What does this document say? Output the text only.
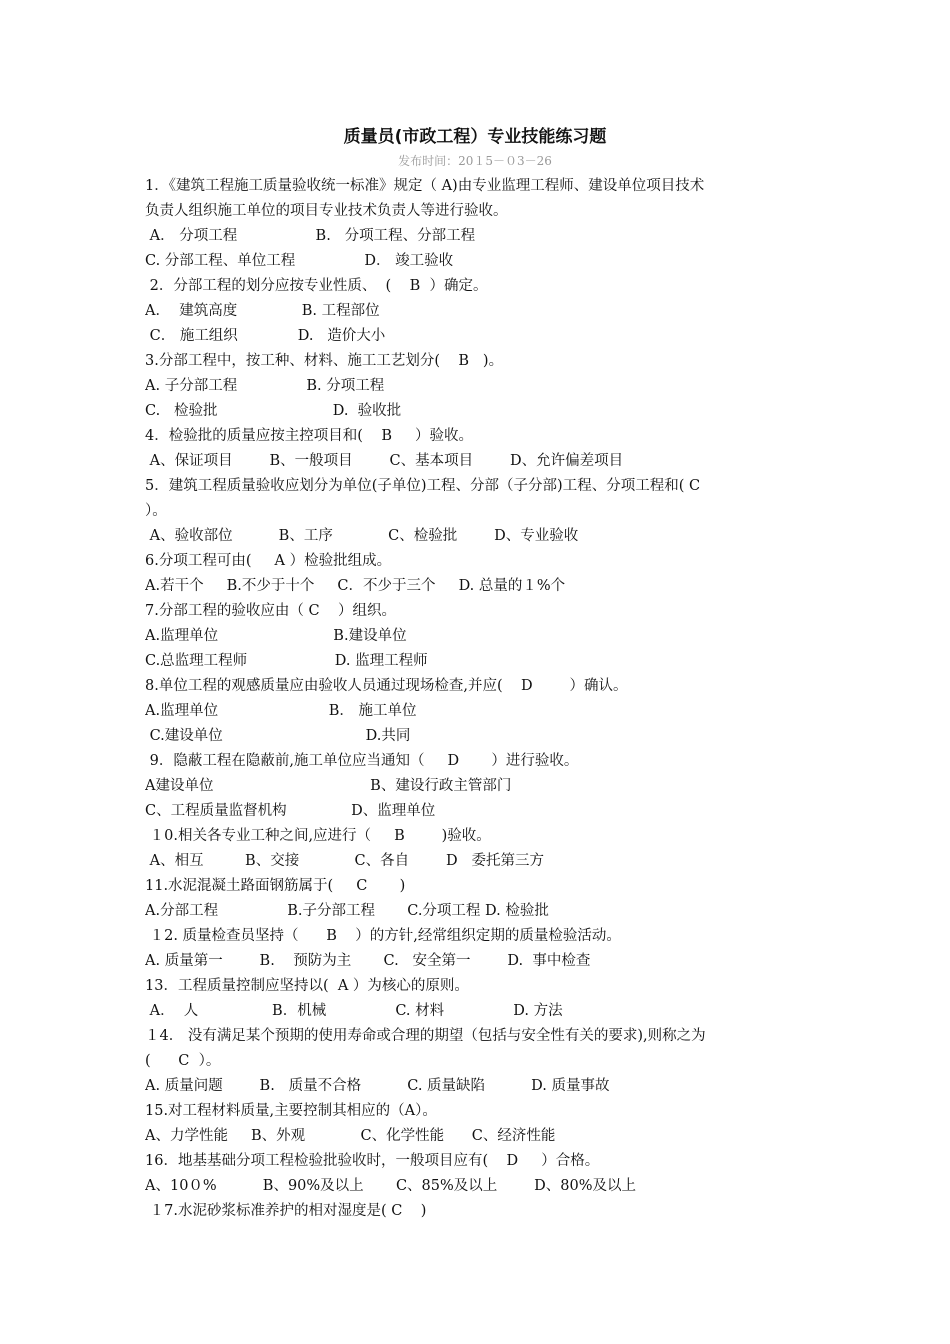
质量员(市政工程）专业技能练习题
发布时间：20１5－０3－26
1．《建筑工程施工质量验收统一标准》规定（ A)由专业监理工程师、建设单位项目技术
负责人组织施工单位的项目专业技术负责人等进行验收。
A． 分项工程                 B.   分项工程、分部工程
C. 分部工程、单位工程               D． 竣工验收
2．分部工程的划分应按专业性质、  (    B  ）确定。
A．  建筑高度              B. 工程部位
C． 施工组织             D.   造价大小
3.分部工程中，按工种、材料、施工工艺划分(    B   )。
A. 子分部工程               B. 分项工程
C.   检验批                         D.  验收批
4．检验批的质量应按主控项目和(    B     ）验收。
A、保证项目        B、一般项目        C、基本项目        D、允许偏差项目
5．建筑工程质量验收应划分为单位(子单位)工程、分部（子分部)工程、分项工程和( C
）。
A、验收部位          B、工序            C、检验批        D、专业验收
6.分项工程可由(     A ）检验批组成。
A.若干个     B.不少于十个     C．不少于三个     D. 总量的１%个
7.分部工程的验收应由（ C    ）组织。
A.监理单位                         B.建设单位
C.总监理工程师                   D. 监理工程师
8.单位工程的观感质量应由验收人员通过现场检查,并应(    D        ）确认。
A.监理单位                        B． 施工单位
C.建设单位                               D.共同
9．隐蔽工程在隐蔽前,施工单位应当通知（     D       ）进行验收。
A建设单位                                  B、建设行政主管部门
C、工程质量监督机构              D、监理单位
１0.相关各专业工种之间,应进行（     B        )验收。
A、相互         B、交接            C、各自        D   委托第三方
11.水泥混凝土路面钢筋属于(     C       )
A.分部工程               B.子分部工程       C.分项工程 D. 检验批
１2. 质量检查员坚持（      B    ）的方针,经常组织定期的质量检验活动。
A. 质量第一        B.    预防为主       C.   安全第一        D.  事中检查
13．工程质量控制应坚持以(  A ）为核心的原则。
A．  人                B．机械               C. 材料               D. 方法
１4． 没有满足某个预期的使用寿命或合理的期望（包括与安全性有关的要求),则称之为
(      C  ）。
A. 质量问题        B.   质量不合格          C. 质量缺陷          D. 质量事故
15.对工程材料质量,主要控制其相应的（A）。
A、力学性能     B、外观            C、化学性能      C、经济性能
16．地基基础分项工程检验批验收时，一般项目应有(    D     ）合格。
A、10０%          B、90%及以上       C、85%及以上        D、80%及以上
１7.水泥砂浆标准养护的相对湿度是( C    )
